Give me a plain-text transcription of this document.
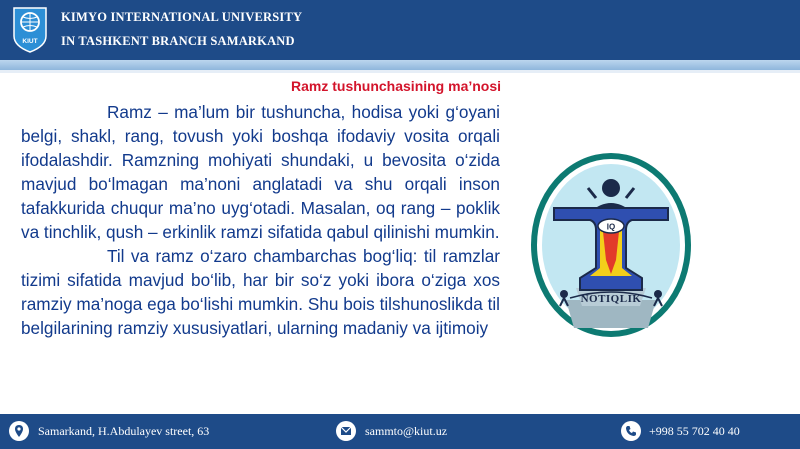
KIUT
KIMYO INTERNATIONAL UNIVERSITY
IN TASHKENT BRANCH SAMARKAND
Ramz tushunchasining ma’nosi

Ramz – ma’lum bir tushuncha, hodisa yoki g‘oyani belgi, shakl, rang, tovush yoki boshqa ifodaviy vosita orqali ifodalashdir. Ramzning mohiyati shundaki, u bevosita o‘zida mavjud bo‘lmagan ma’noni anglatadi va shu orqali inson tafakkurida chuqur ma’no uyg‘otadi. Masalan, oq rang – poklik va tinchlik, qush – erkinlik ramzi sifatida qabul qilinishi mumkin.

Til va ramz o‘zaro chambarchas bog‘liq: til ramzlar tizimi sifatida mavjud bo‘lib, har bir so‘z yoki ibora o‘ziga xos ramziy ma’noga ega bo‘lishi mumkin. Shu bois tilshunoslikda til belgilarining ramziy xususiyatlari, ularning madaniy va ijtimoiy

IQ
NOTIQLIK
Samarkand, H.Abdulayev street, 63	sammto@kiut.uz	+998 55 702 40 40
